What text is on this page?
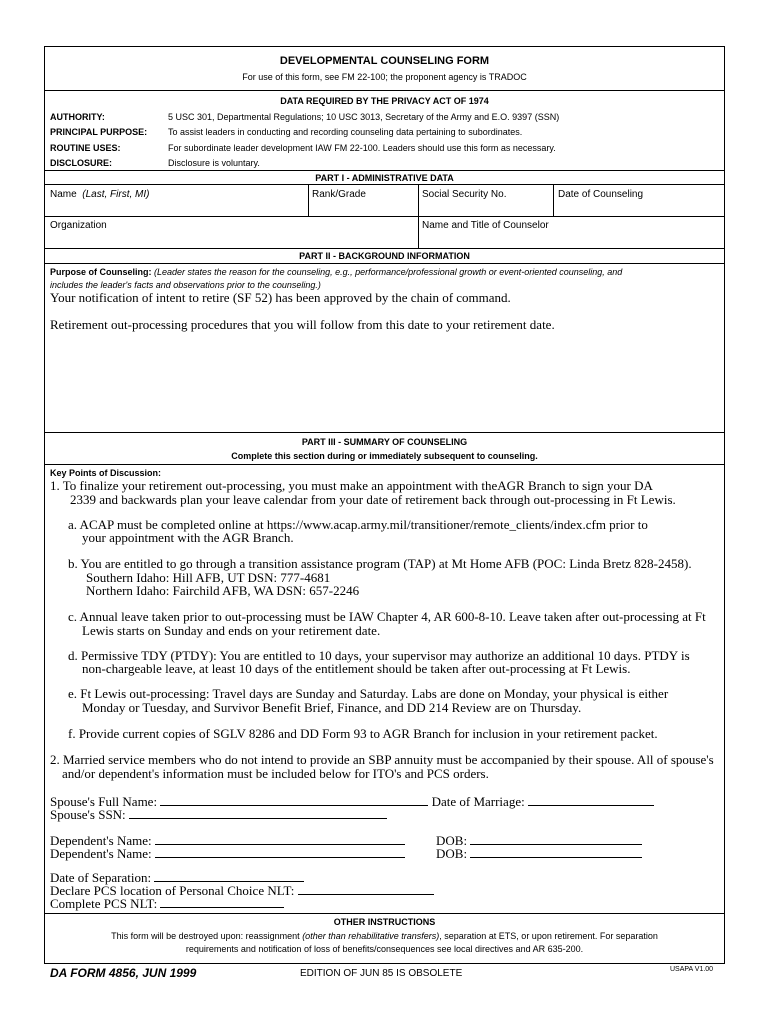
DEVELOPMENTAL COUNSELING FORM
For use of this form, see FM 22-100; the proponent agency is TRADOC
DATA REQUIRED BY THE PRIVACY ACT OF 1974
AUTHORITY:	5 USC 301, Departmental Regulations; 10 USC 3013, Secretary of the Army and E.O. 9397 (SSN)
PRINCIPAL PURPOSE: To assist leaders in conducting and recording counseling data pertaining to subordinates.
ROUTINE USES:	For subordinate leader development IAW FM 22-100. Leaders should use this form as necessary.
DISCLOSURE:	Disclosure is voluntary.
PART I - ADMINISTRATIVE DATA
Name (Last, First, MI)	Rank/Grade	Social Security No.	Date of Counseling
Organization	Name and Title of Counselor
PART II - BACKGROUND INFORMATION
Purpose of Counseling: (Leader states the reason for the counseling, e.g., performance/professional growth or event-oriented counseling, and
includes the leader's facts and observations prior to the counseling.)
Your notification of intent to retire (SF 52) has been approved by the chain of command.
Retirement out-processing procedures that you will follow from this date to your retirement date.
PART III - SUMMARY OF COUNSELING
Complete this section during or immediately subsequent to counseling.
Key Points of Discussion:
1. To finalize your retirement out-processing, you must make an appointment with theAGR Branch to sign your DA
2339 and backwards plan your leave calendar from your date of retirement back through out-processing in Ft Lewis.
a. ACAP must be completed online at https://www.acap.army.mil/transitioner/remote_clients/index.cfm prior to
your appointment with the AGR Branch.
b. You are entitled to go through a transition assistance program (TAP) at Mt Home AFB (POC: Linda Bretz 828-2458).
Southern Idaho: Hill AFB, UT DSN: 777-4681
Northern Idaho: Fairchild AFB, WA DSN: 657-2246
c. Annual leave taken prior to out-processing must be IAW Chapter 4, AR 600-8-10. Leave taken after out-processing at Ft
Lewis starts on Sunday and ends on your retirement date.
d. Permissive TDY (PTDY): You are entitled to 10 days, your supervisor may authorize an additional 10 days. PTDY is
non-chargeable leave, at least 10 days of the entitlement should be taken after out-processing at Ft Lewis.
e. Ft Lewis out-processing: Travel days are Sunday and Saturday. Labs are done on Monday, your physical is either
Monday or Tuesday, and Survivor Benefit Brief, Finance, and DD 214 Review are on Thursday.
f. Provide current copies of SGLV 8286 and DD Form 93 to AGR Branch for inclusion in your retirement packet.
2. Married service members who do not intend to provide an SBP annuity must be accompanied by their spouse. All of spouse's
and/or dependent's information must be included below for ITO's and PCS orders.
Spouse's Full Name:	Date of Marriage:
Spouse's SSN:
Dependent's Name:	DOB:
Dependent's Name:	DOB:
Date of Separation:
Declare PCS location of Personal Choice NLT:
Complete PCS NLT:
OTHER INSTRUCTIONS
This form will be destroyed upon: reassignment (other than rehabilitative transfers), separation at ETS, or upon retirement. For separation
requirements and notification of loss of benefits/consequences see local directives and AR 635-200.
DA FORM 4856, JUN 1999	EDITION OF JUN 85 IS OBSOLETE	USAPA V1.00
